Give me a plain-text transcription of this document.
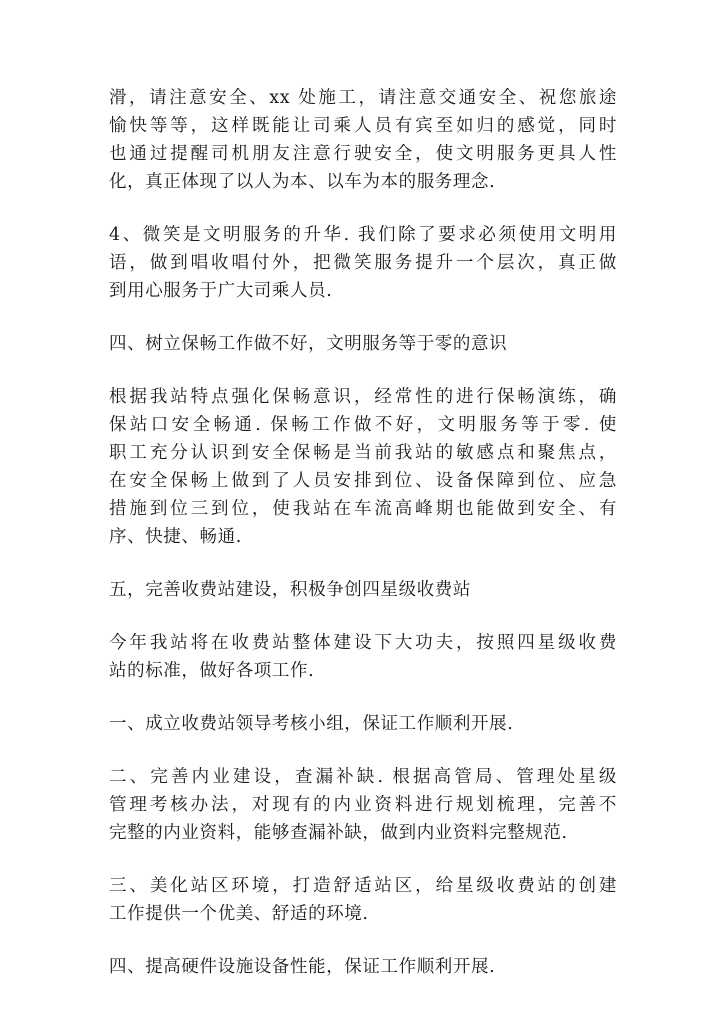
滑，请注意安全、xx 处施工，请注意交通安全、祝您旅途
愉快等等，这样既能让司乘人员有宾至如归的感觉，同时
也通过提醒司机朋友注意行驶安全，使文明服务更具人性
化，真正体现了以人为本、以车为本的服务理念.

4、微笑是文明服务的升华. 我们除了要求必须使用文明用
语，做到唱收唱付外，把微笑服务提升一个层次，真正做
到用心服务于广大司乘人员.

四、树立保畅工作做不好，文明服务等于零的意识

根据我站特点强化保畅意识，经常性的进行保畅演练，确
保站口安全畅通. 保畅工作做不好，文明服务等于零. 使
职工充分认识到安全保畅是当前我站的敏感点和聚焦点，
在安全保畅上做到了人员安排到位、设备保障到位、应急
措施到位三到位，使我站在车流高峰期也能做到安全、有
序、快捷、畅通.

五，完善收费站建设，积极争创四星级收费站

今年我站将在收费站整体建设下大功夫，按照四星级收费
站的标准，做好各项工作.

一、成立收费站领导考核小组，保证工作顺利开展.

二、完善内业建设，查漏补缺. 根据高管局、管理处星级
管理考核办法，对现有的内业资料进行规划梳理，完善不
完整的内业资料，能够查漏补缺，做到内业资料完整规范.

三、美化站区环境，打造舒适站区，给星级收费站的创建
工作提供一个优美、舒适的环境.

四、提高硬件设施设备性能，保证工作顺利开展.
